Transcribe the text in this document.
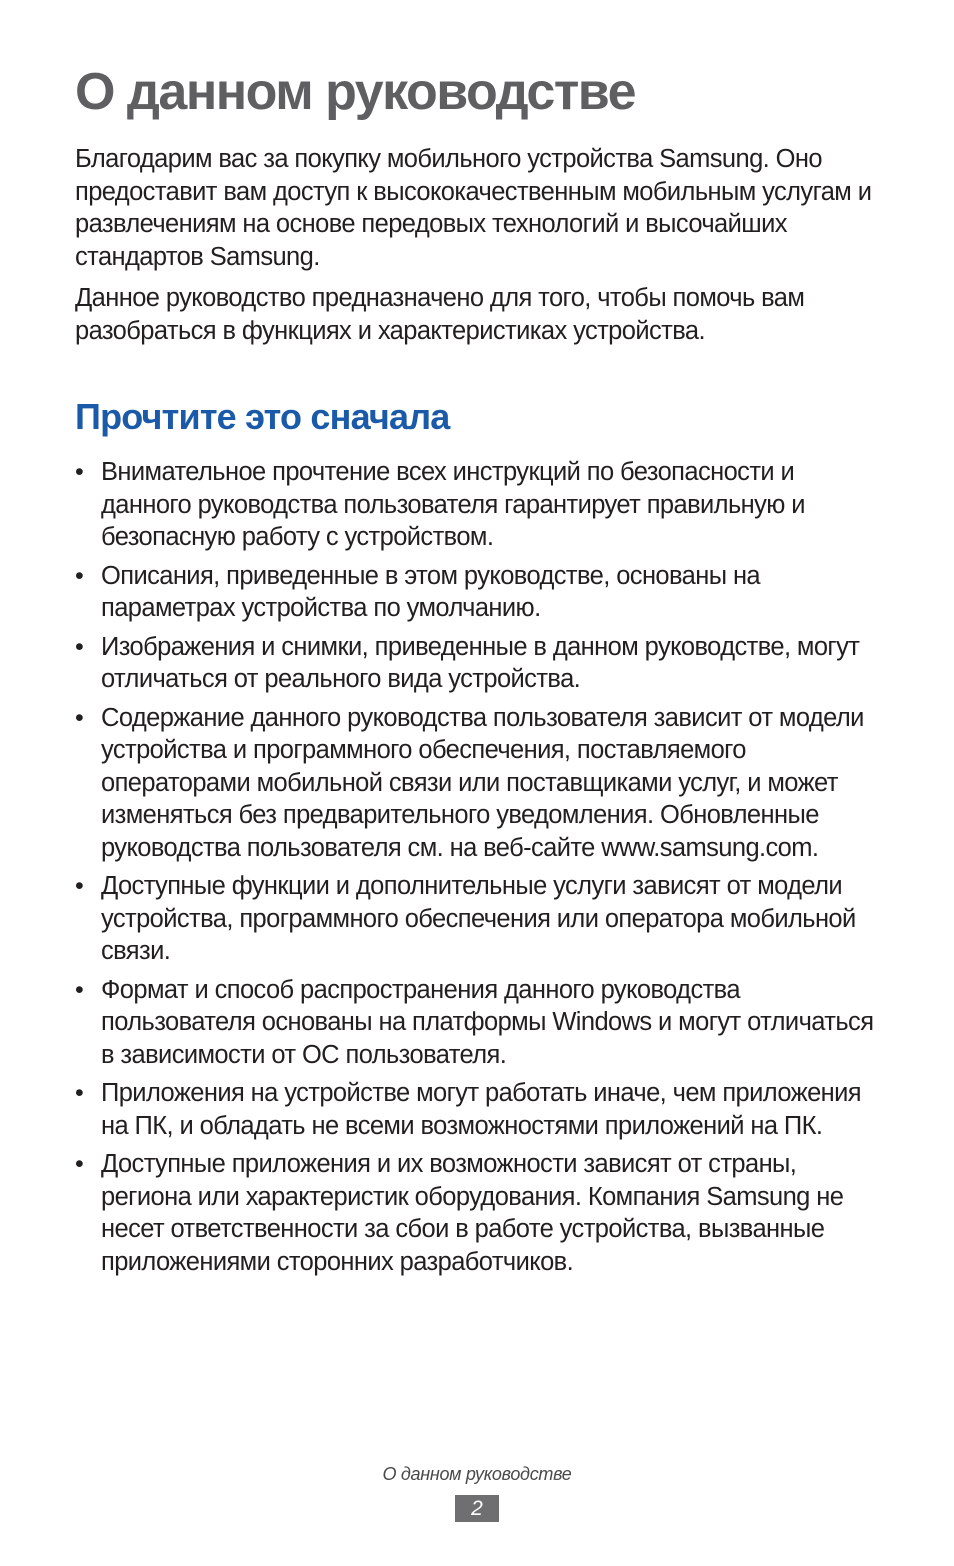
О данном руководстве

Благодарим вас за покупку мобильного устройства Samsung. Оно предоставит вам доступ к высококачественным мобильным услугам и развлечениям на основе передовых технологий и высочайших стандартов Samsung.

Данное руководство предназначено для того, чтобы помочь вам разобраться в функциях и характеристиках устройства.

Прочтите это сначала
• Внимательное прочтение всех инструкций по безопасности и данного руководства пользователя гарантирует правильную и безопасную работу с устройством.
• Описания, приведенные в этом руководстве, основаны на параметрах устройства по умолчанию.
• Изображения и снимки, приведенные в данном руководстве, могут отличаться от реального вида устройства.
• Содержание данного руководства пользователя зависит от модели устройства и программного обеспечения, поставляемого операторами мобильной связи или поставщиками услуг, и может изменяться без предварительного уведомления. Обновленные руководства пользователя см. на веб-сайте www.samsung.com.
• Доступные функции и дополнительные услуги зависят от модели устройства, программного обеспечения или оператора мобильной связи.
• Формат и способ распространения данного руководства пользователя основаны на платформы Windows и могут отличаться в зависимости от ОС пользователя.
• Приложения на устройстве могут работать иначе, чем приложения на ПК, и обладать не всеми возможностями приложений на ПК.
• Доступные приложения и их возможности зависят от страны, региона или характеристик оборудования. Компания Samsung не несет ответственности за сбои в работе устройства, вызванные приложениями сторонних разработчиков.
О данном руководстве
2
